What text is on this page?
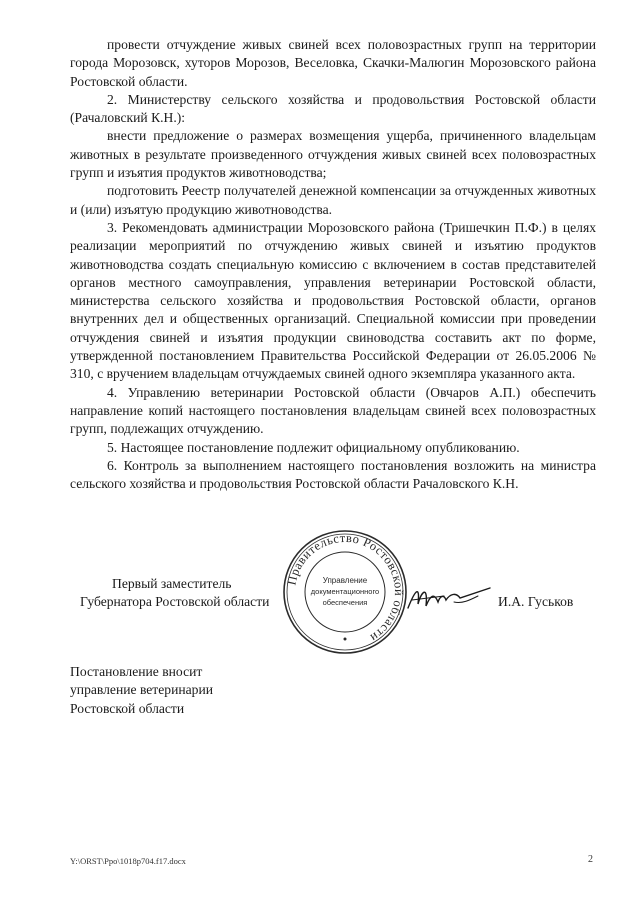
провести отчуждение живых свиней всех половозрастных групп на территории города Морозовск, хуторов Морозов, Веселовка, Скачки-Малюгин Морозовского района Ростовской области.

2. Министерству сельского хозяйства и продовольствия Ростовской области (Рачаловский К.Н.):

внести предложение о размерах возмещения ущерба, причиненного владельцам животных в результате произведенного отчуждения живых свиней всех половозрастных групп и изъятия продуктов животноводства;

подготовить Реестр получателей денежной компенсации за отчужденных животных и (или) изъятую продукцию животноводства.

3. Рекомендовать администрации Морозовского района (Тришечкин П.Ф.) в целях реализации мероприятий по отчуждению живых свиней и изъятию продуктов животноводства создать специальную комиссию с включением в состав представителей органов местного самоуправления, управления ветеринарии Ростовской области, министерства сельского хозяйства и продовольствия Ростовской области, органов внутренних дел и общественных организаций. Специальной комиссии при проведении отчуждения свиней и изъятия продукции свиноводства составить акт по форме, утвержденной постановлением Правительства Российской Федерации от 26.05.2006 № 310, с вручением владельцам отчуждаемых свиней одного экземпляра указанного акта.

4. Управлению ветеринарии Ростовской области (Овчаров А.П.) обеспечить направление копий настоящего постановления владельцам свиней всех половозрастных групп, подлежащих отчуждению.

5. Настоящее постановление подлежит официальному опубликованию.

6. Контроль за выполнением настоящего постановления возложить на министра сельского хозяйства и продовольствия Ростовской области Рачаловского К.Н.

Первый заместитель
Губернатора Ростовской области
Правительство Ростовской области
Управление
документационного
обеспечения	И.А. Гуськов
Постановление вносит
управление ветеринарии
Ростовской области
Y:\ORST\Ppo\1018p704.f17.docx	2
